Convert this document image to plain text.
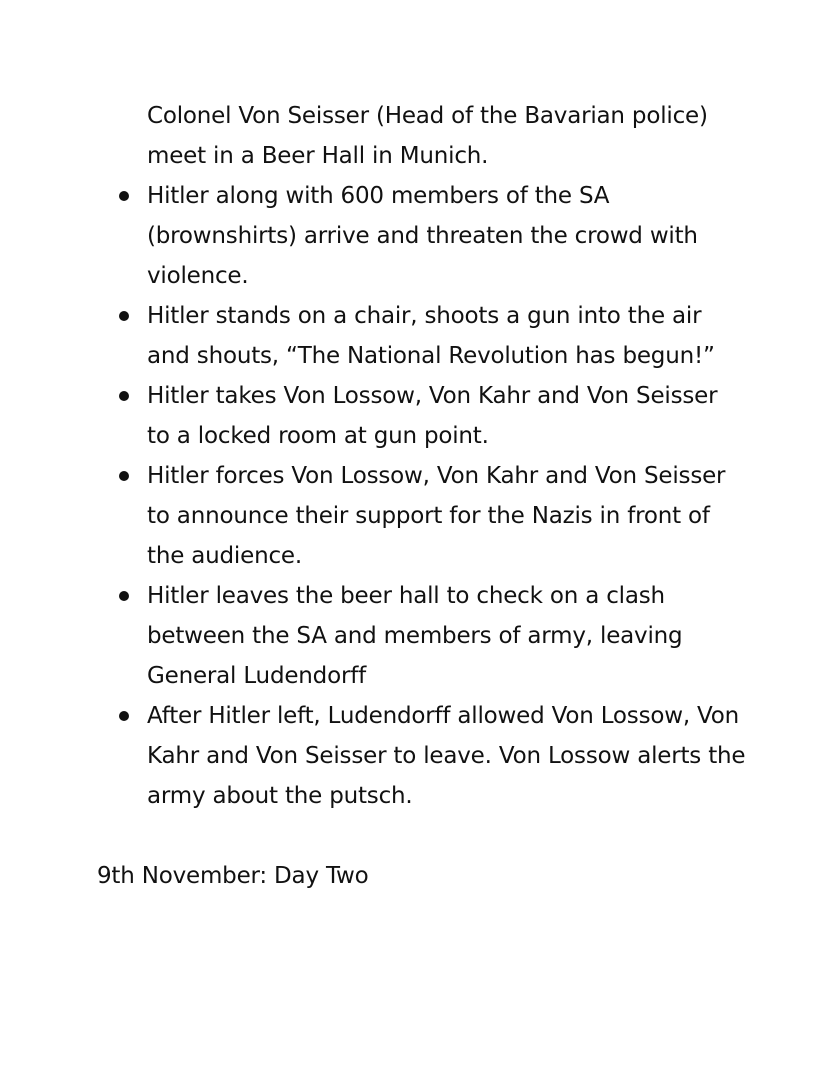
Colonel Von Seisser (Head of the Bavarian police) meet in a Beer Hall in Munich.
Hitler along with 600 members of the SA (brownshirts) arrive and threaten the crowd with violence.
Hitler stands on a chair, shoots a gun into the air and shouts, “The National Revolution has begun!”
Hitler takes Von Lossow, Von Kahr and Von Seisser to a locked room at gun point.
Hitler forces Von Lossow, Von Kahr and Von Seisser to announce their support for the Nazis in front of the audience.
Hitler leaves the beer hall to check on a clash between the SA and members of army, leaving General Ludendorff
After Hitler left, Ludendorff allowed Von Lossow, Von Kahr and Von Seisser to leave. Von Lossow alerts the army about the putsch.
9th November: Day Two
